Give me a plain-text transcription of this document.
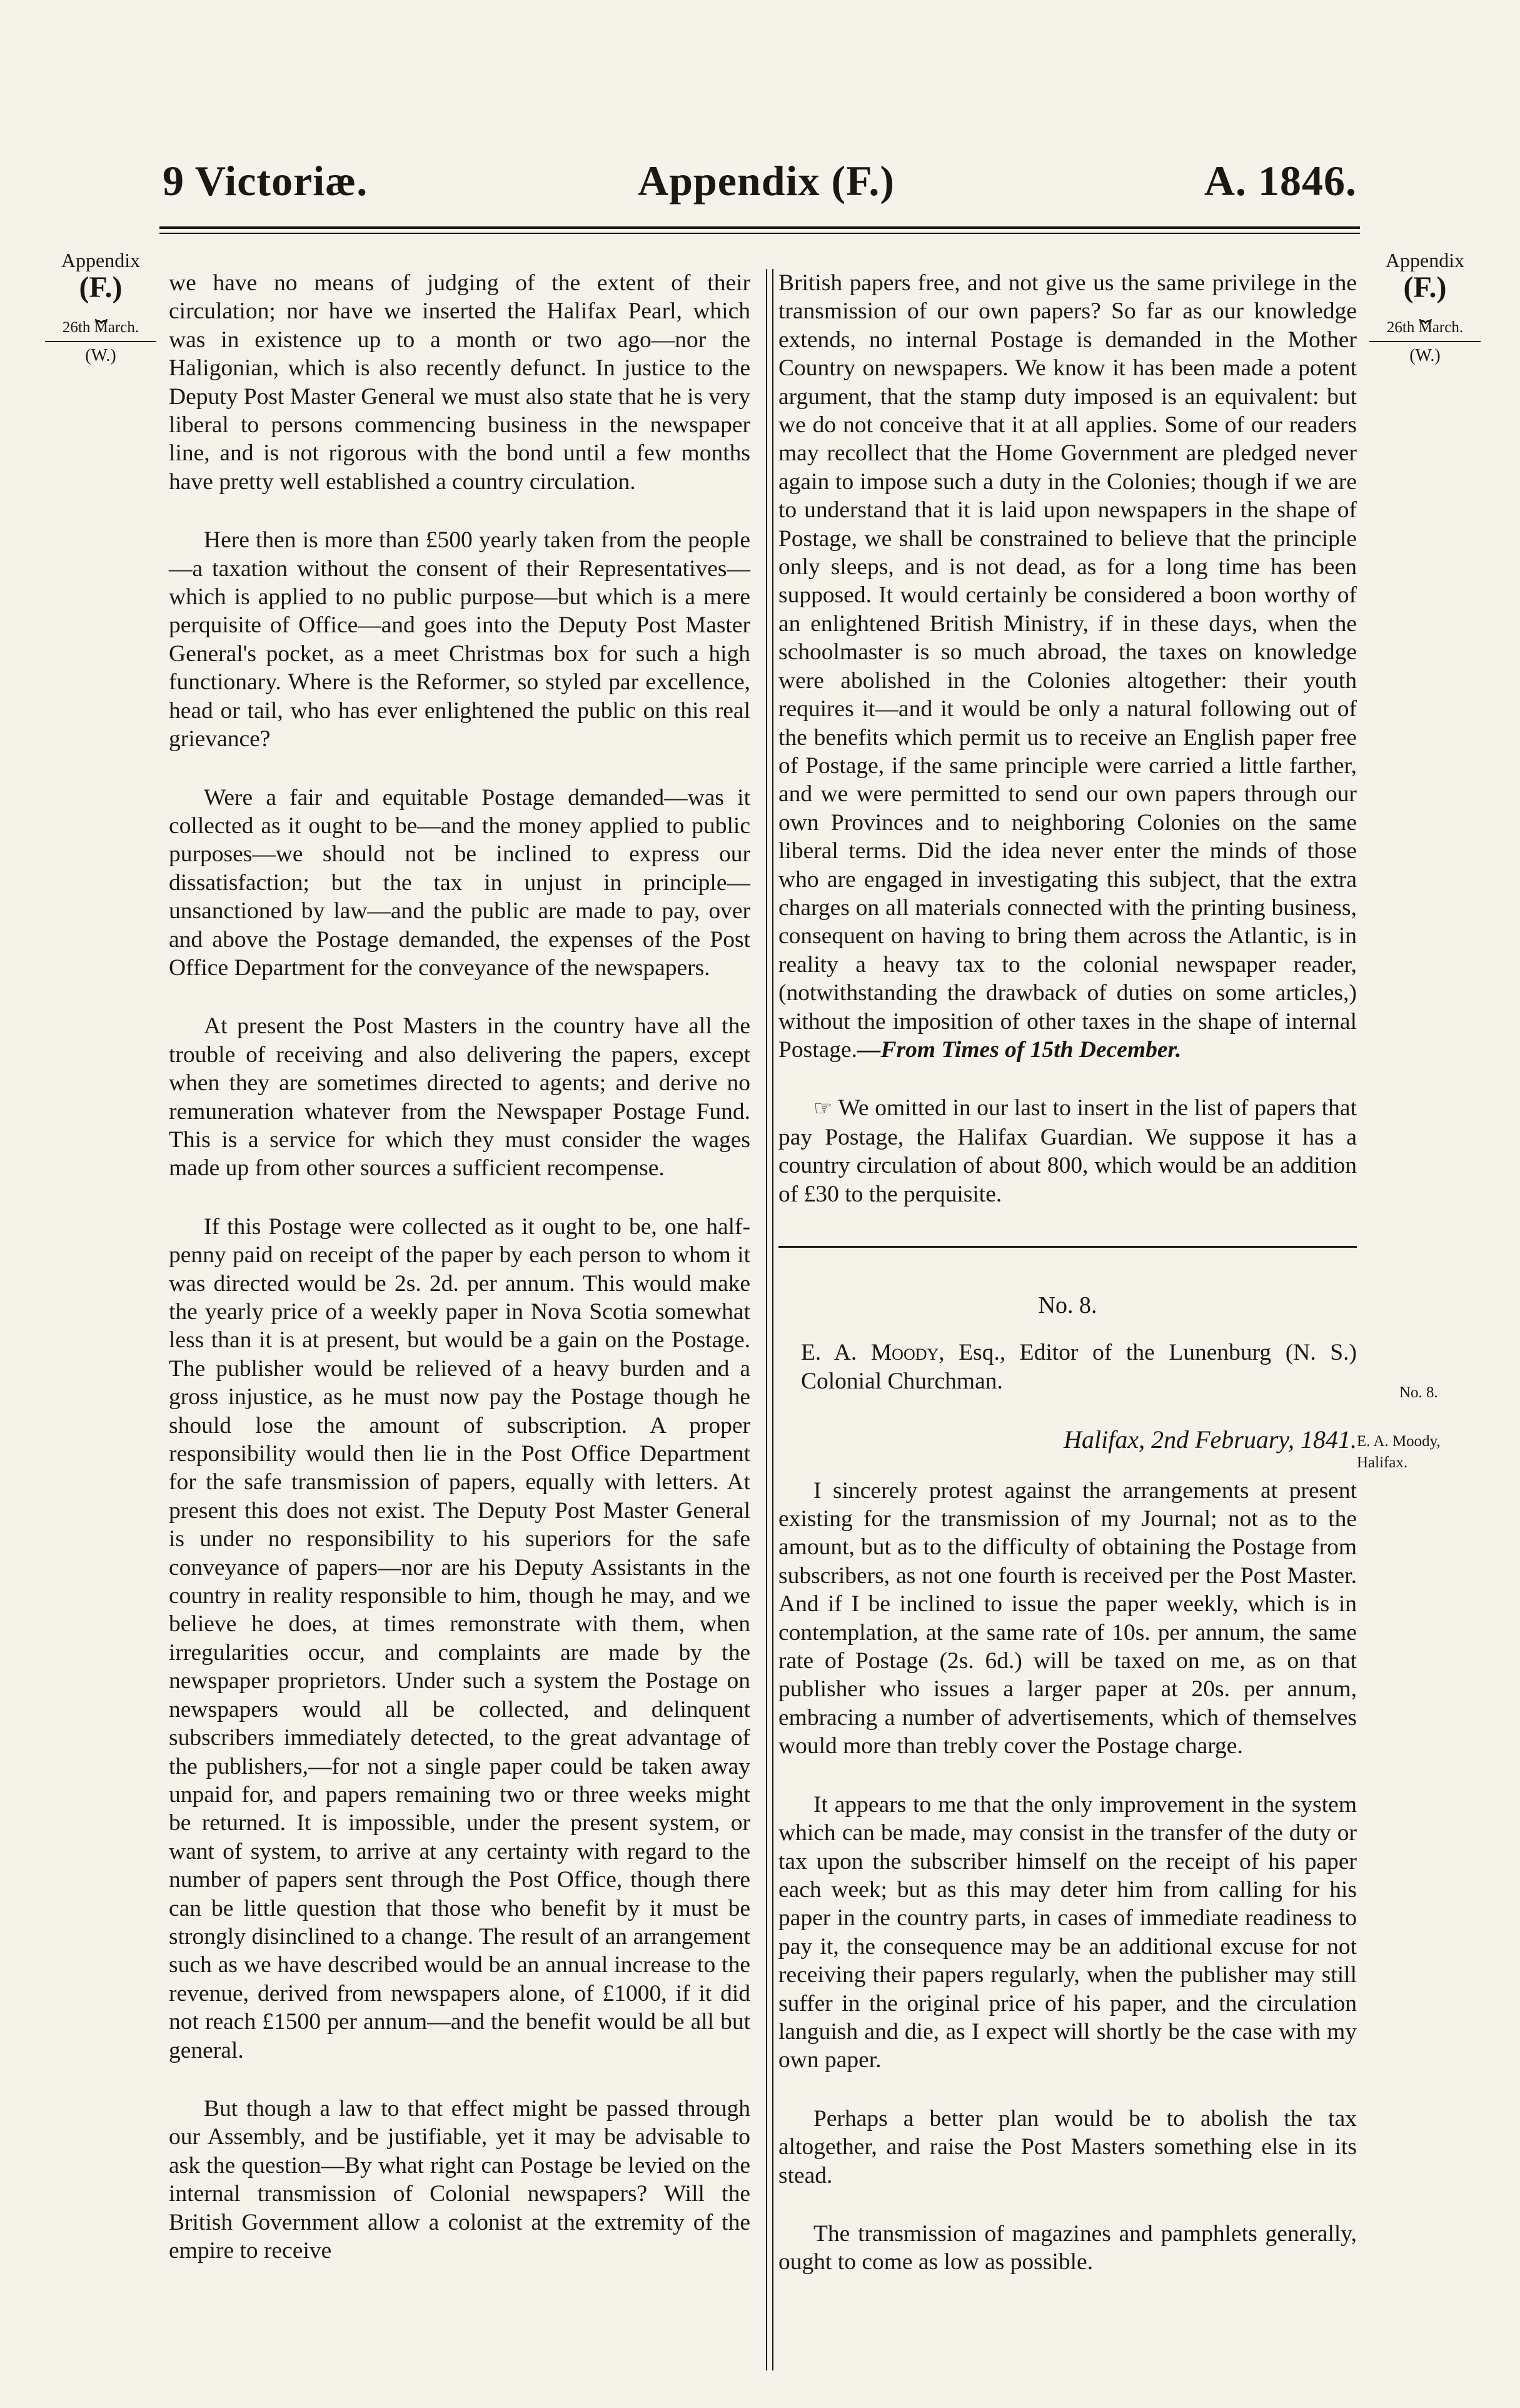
9 Victoriæ.	Appendix (F.)	A. 1846.
Appendix
(F.)
⏟
26th March.
(W.)
Appendix
(F.)
⏟
26th March.
(W.)
No. 8.
E. A. Moody,
Halifax.

we have no means of judging of the extent of their circulation; nor have we inserted the Halifax Pearl, which was in existence up to a month or two ago—nor the Haligonian, which is also recently defunct. In justice to the Deputy Post Master General we must also state that he is very liberal to persons commencing business in the newspaper line, and is not rigorous with the bond until a few months have pretty well established a country circulation.

Here then is more than £500 yearly taken from the people—a taxation without the consent of their Representatives—which is applied to no public purpose—but which is a mere perquisite of Office—and goes into the Deputy Post Master General's pocket, as a meet Christmas box for such a high functionary. Where is the Reformer, so styled par excellence, head or tail, who has ever enlightened the public on this real grievance?

Were a fair and equitable Postage demanded—was it collected as it ought to be—and the money applied to public purposes—we should not be inclined to express our dissatisfaction; but the tax in unjust in principle—unsanctioned by law—and the public are made to pay, over and above the Postage demanded, the expenses of the Post Office Department for the conveyance of the newspapers.

At present the Post Masters in the country have all the trouble of receiving and also delivering the papers, except when they are sometimes directed to agents; and derive no remuneration whatever from the Newspaper Postage Fund. This is a service for which they must consider the wages made up from other sources a sufficient recompense.

If this Postage were collected as it ought to be, one half-penny paid on receipt of the paper by each person to whom it was directed would be 2s. 2d. per annum. This would make the yearly price of a weekly paper in Nova Scotia somewhat less than it is at present, but would be a gain on the Postage. The publisher would be relieved of a heavy burden and a gross injustice, as he must now pay the Postage though he should lose the amount of subscription. A proper responsibility would then lie in the Post Office Department for the safe transmission of papers, equally with letters. At present this does not exist. The Deputy Post Master General is under no responsibility to his superiors for the safe conveyance of papers—nor are his Deputy Assistants in the country in reality responsible to him, though he may, and we believe he does, at times remonstrate with them, when irregularities occur, and complaints are made by the newspaper proprietors. Under such a system the Postage on newspapers would all be collected, and delinquent subscribers immediately detected, to the great advantage of the publishers,—for not a single paper could be taken away unpaid for, and papers remaining two or three weeks might be returned. It is impossible, under the present system, or want of system, to arrive at any certainty with regard to the number of papers sent through the Post Office, though there can be little question that those who benefit by it must be strongly disinclined to a change. The result of an arrangement such as we have described would be an annual increase to the revenue, derived from newspapers alone, of £1000, if it did not reach £1500 per annum—and the benefit would be all but general.

But though a law to that effect might be passed through our Assembly, and be justifiable, yet it may be advisable to ask the question—By what right can Postage be levied on the internal transmission of Colonial newspapers? Will the British Government allow a colonist at the extremity of the empire to receive

British papers free, and not give us the same privilege in the transmission of our own papers? So far as our knowledge extends, no internal Postage is demanded in the Mother Country on newspapers. We know it has been made a potent argument, that the stamp duty imposed is an equivalent: but we do not conceive that it at all applies. Some of our readers may recollect that the Home Government are pledged never again to impose such a duty in the Colonies; though if we are to understand that it is laid upon newspapers in the shape of Postage, we shall be constrained to believe that the principle only sleeps, and is not dead, as for a long time has been supposed. It would certainly be considered a boon worthy of an enlightened British Ministry, if in these days, when the schoolmaster is so much abroad, the taxes on knowledge were abolished in the Colonies altogether: their youth requires it—and it would be only a natural following out of the benefits which permit us to receive an English paper free of Postage, if the same principle were carried a little farther, and we were permitted to send our own papers through our own Provinces and to neighboring Colonies on the same liberal terms. Did the idea never enter the minds of those who are engaged in investigating this subject, that the extra charges on all materials connected with the printing business, consequent on having to bring them across the Atlantic, is in reality a heavy tax to the colonial newspaper reader, (notwithstanding the drawback of duties on some articles,) without the imposition of other taxes in the shape of internal Postage.—From Times of 15th December.

☞ We omitted in our last to insert in the list of papers that pay Postage, the Halifax Guardian. We suppose it has a country circulation of about 800, which would be an addition of £30 to the perquisite.

No. 8.

E. A. Moody, Esq., Editor of the Lunenburg (N. S.) Colonial Churchman.

Halifax, 2nd February, 1841.

I sincerely protest against the arrangements at present existing for the transmission of my Journal; not as to the amount, but as to the difficulty of obtaining the Postage from subscribers, as not one fourth is received per the Post Master. And if I be inclined to issue the paper weekly, which is in contemplation, at the same rate of 10s. per annum, the same rate of Postage (2s. 6d.) will be taxed on me, as on that publisher who issues a larger paper at 20s. per annum, embracing a number of advertisements, which of themselves would more than trebly cover the Postage charge.

It appears to me that the only improvement in the system which can be made, may consist in the transfer of the duty or tax upon the subscriber himself on the receipt of his paper each week; but as this may deter him from calling for his paper in the country parts, in cases of immediate readiness to pay it, the consequence may be an additional excuse for not receiving their papers regularly, when the publisher may still suffer in the original price of his paper, and the circulation languish and die, as I expect will shortly be the case with my own paper.

Perhaps a better plan would be to abolish the tax altogether, and raise the Post Masters something else in its stead.

The transmission of magazines and pamphlets generally, ought to come as low as possible.
